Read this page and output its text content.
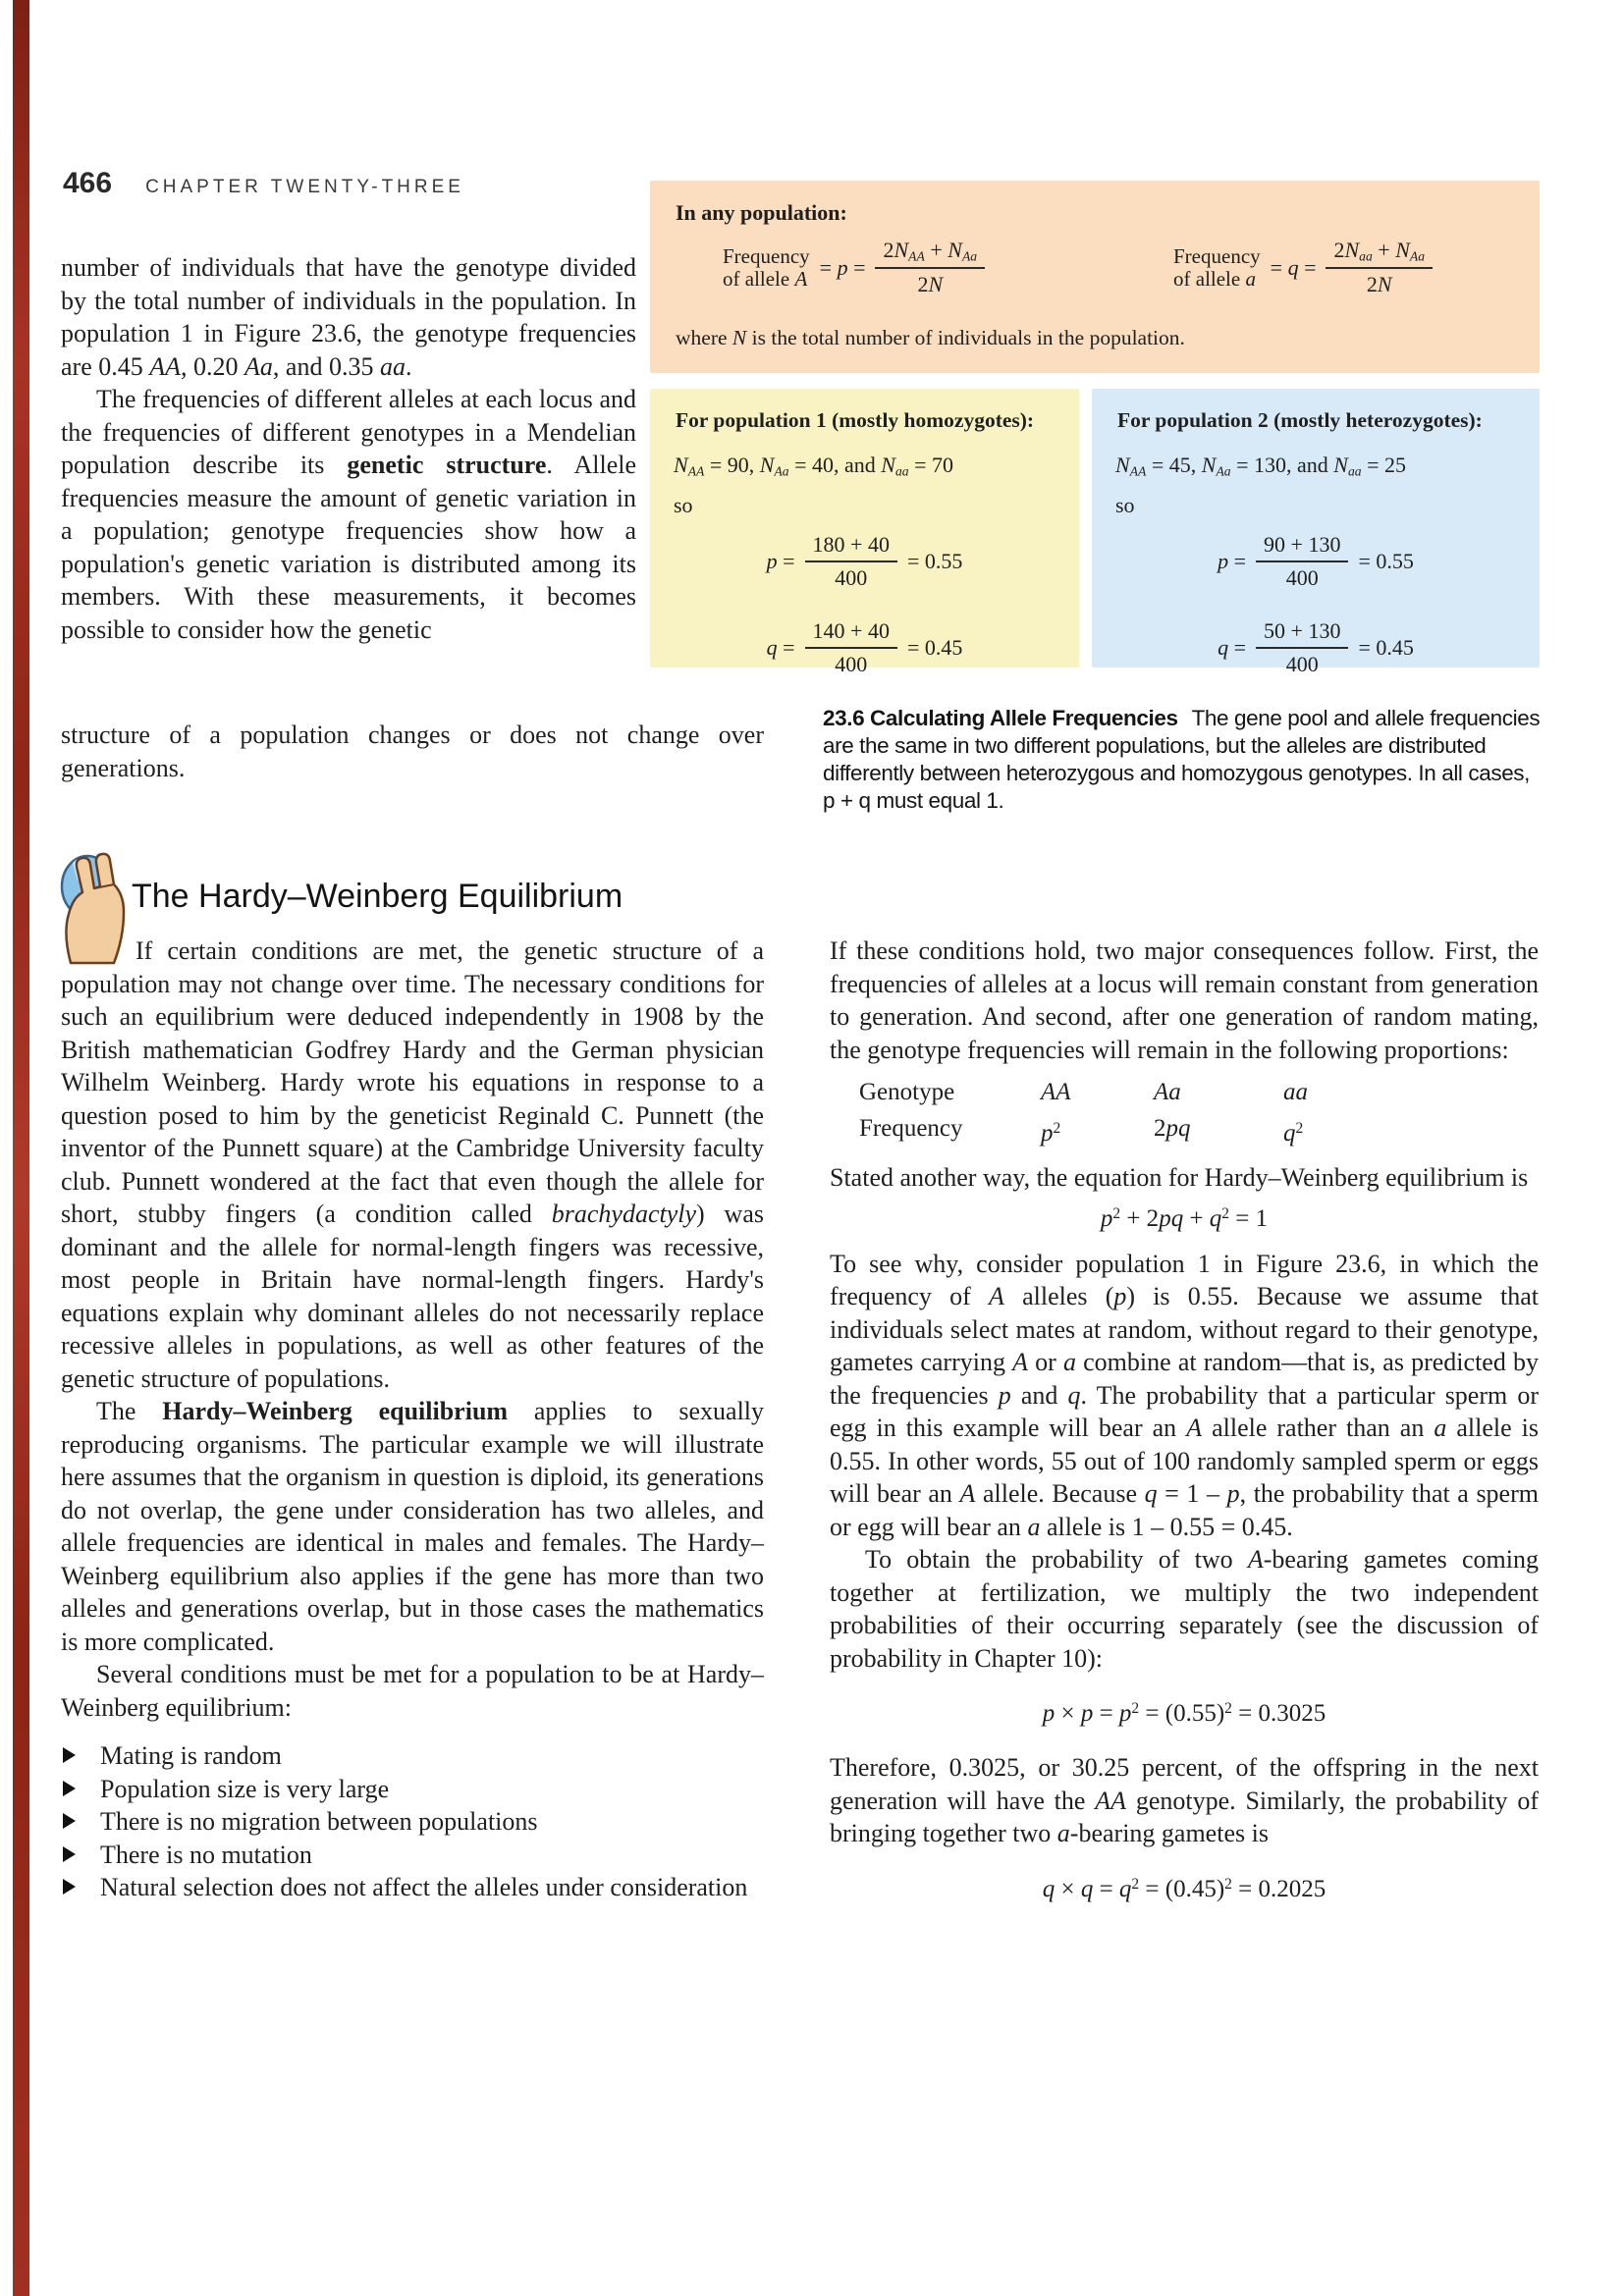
466 CHAPTER TWENTY-THREE

number of individuals that have the genotype divided by the total number of individuals in the population. In population 1 in Figure 23.6, the genotype frequencies are 0.45 AA, 0.20 Aa, and 0.35 aa.

The frequencies of different alleles at each locus and the frequencies of different genotypes in a Mendelian population describe its genetic structure. Allele frequencies measure the amount of genetic variation in a population; genotype frequencies show how a population's genetic variation is distributed among its members. With these measurements, it becomes possible to consider how the genetic

structure of a population changes or does not change over generations.

In any population:
Frequency
of allele $A = p = \frac{\text{2NAA + NAa}}{2N}$	Frequency
of allele $a = q = \frac{\text{2Naa + NAa}}{2N}$
where N is the total number of individuals in the population.
For population 1 (mostly homozygotes):
NAA = 90, NAa = 40, and Naa = 70
so
$p = \frac{180 + 40}{400} = 0.55$
$q = \frac{140 + 40}{400} = 0.45$
For population 2 (mostly heterozygotes):
NAA = 45, NAa = 130, and Naa = 25
so
$p = \frac{90 + 130}{400} = 0.55$
$q = \frac{50 + 130}{400} = 0.45$
23.6 Calculating Allele Frequencies The gene pool and allele frequencies are the same in two different populations, but the alleles are distributed differently between heterozygous and homozygous genotypes. In all cases, p + q must equal 1.
The Hardy–Weinberg Equilibrium

If certain conditions are met, the genetic structure of a population may not change over time. The necessary conditions for such an equilibrium were deduced independently in 1908 by the British mathematician Godfrey Hardy and the German physician Wilhelm Weinberg. Hardy wrote his equations in response to a question posed to him by the geneticist Reginald C. Punnett (the inventor of the Punnett square) at the Cambridge University faculty club. Punnett wondered at the fact that even though the allele for short, stubby fingers (a condition called brachydactyly) was dominant and the allele for normal-length fingers was recessive, most people in Britain have normal-length fingers. Hardy's equations explain why dominant alleles do not necessarily replace recessive alleles in populations, as well as other features of the genetic structure of populations.

The Hardy–Weinberg equilibrium applies to sexually reproducing organisms. The particular example we will illustrate here assumes that the organism in question is diploid, its generations do not overlap, the gene under consideration has two alleles, and allele frequencies are identical in males and females. The Hardy–Weinberg equilibrium also applies if the gene has more than two alleles and generations overlap, but in those cases the mathematics is more complicated.

Several conditions must be met for a population to be at Hardy–Weinberg equilibrium:

Mating is random
Population size is very large
There is no migration between populations
There is no mutation
Natural selection does not affect the alleles under consideration

If these conditions hold, two major consequences follow. First, the frequencies of alleles at a locus will remain constant from generation to generation. And second, after one generation of random mating, the genotype frequencies will remain in the following proportions:

Genotype	AA	Aa	aa
Frequency	$p^2$	2pq	$q^2$

Stated another way, the equation for Hardy–Weinberg equilibrium is

$p^2 + 2pq + q^2 = 1$

To see why, consider population 1 in Figure 23.6, in which the frequency of A alleles (p) is 0.55. Because we assume that individuals select mates at random, without regard to their genotype, gametes carrying A or a combine at random—that is, as predicted by the frequencies p and q. The probability that a particular sperm or egg in this example will bear an A allele rather than an a allele is 0.55. In other words, 55 out of 100 randomly sampled sperm or eggs will bear an A allele. Because q = 1 – p, the probability that a sperm or egg will bear an a allele is 1 – 0.55 = 0.45.

To obtain the probability of two A-bearing gametes coming together at fertilization, we multiply the two independent probabilities of their occurring separately (see the discussion of probability in Chapter 10):

$p \times p = p^2 = (0.55)^2 = 0.3025$

Therefore, 0.3025, or 30.25 percent, of the offspring in the next generation will have the AA genotype. Similarly, the probability of bringing together two a-bearing gametes is

$q \times q = q^2 = (0.45)^2 = 0.2025$
